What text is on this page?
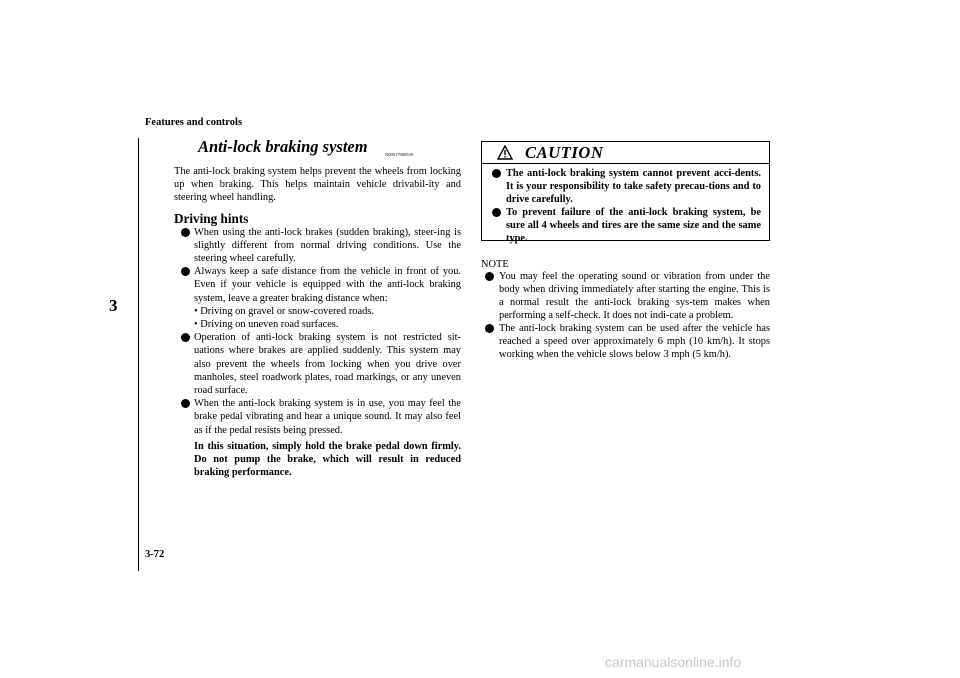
Features and controls
3
Anti-lock braking system	N00517900539

The anti-lock braking system helps prevent the wheels from locking up when braking. This helps maintain vehicle drivabil-ity and steering wheel handling.

Driving hints
When using the anti-lock brakes (sudden braking), steer-ing is slightly different from normal driving conditions. Use the steering wheel carefully.
Always keep a safe distance from the vehicle in front of you. Even if your vehicle is equipped with the anti-lock braking system, leave a greater braking distance when:
• Driving on gravel or snow-covered roads.
• Driving on uneven road surfaces.
Operation of anti-lock braking system is not restricted sit-uations where brakes are applied suddenly. This system may also prevent the wheels from locking when you drive over manholes, steel roadwork plates, road markings, or any uneven road surface.
When the anti-lock braking system is in use, you may feel the brake pedal vibrating and hear a unique sound. It may also feel as if the pedal resists being pressed.

In this situation, simply hold the brake pedal down firmly. Do not pump the brake, which will result in reduced braking performance.

CAUTION
The anti-lock braking system cannot prevent acci-dents. It is your responsibility to take safety precau-tions and to drive carefully.
To prevent failure of the anti-lock braking system, be sure all 4 wheels and tires are the same size and the same type.
NOTE
You may feel the operating sound or vibration from under the body when driving immediately after starting the engine. This is a normal result the anti-lock braking sys-tem makes when performing a self-check. It does not indi-cate a problem.
The anti-lock braking system can be used after the vehicle has reached a speed over approximately 6 mph (10 km/h). It stops working when the vehicle slows below 3 mph (5 km/h).
3-72
carmanualsonline.info
